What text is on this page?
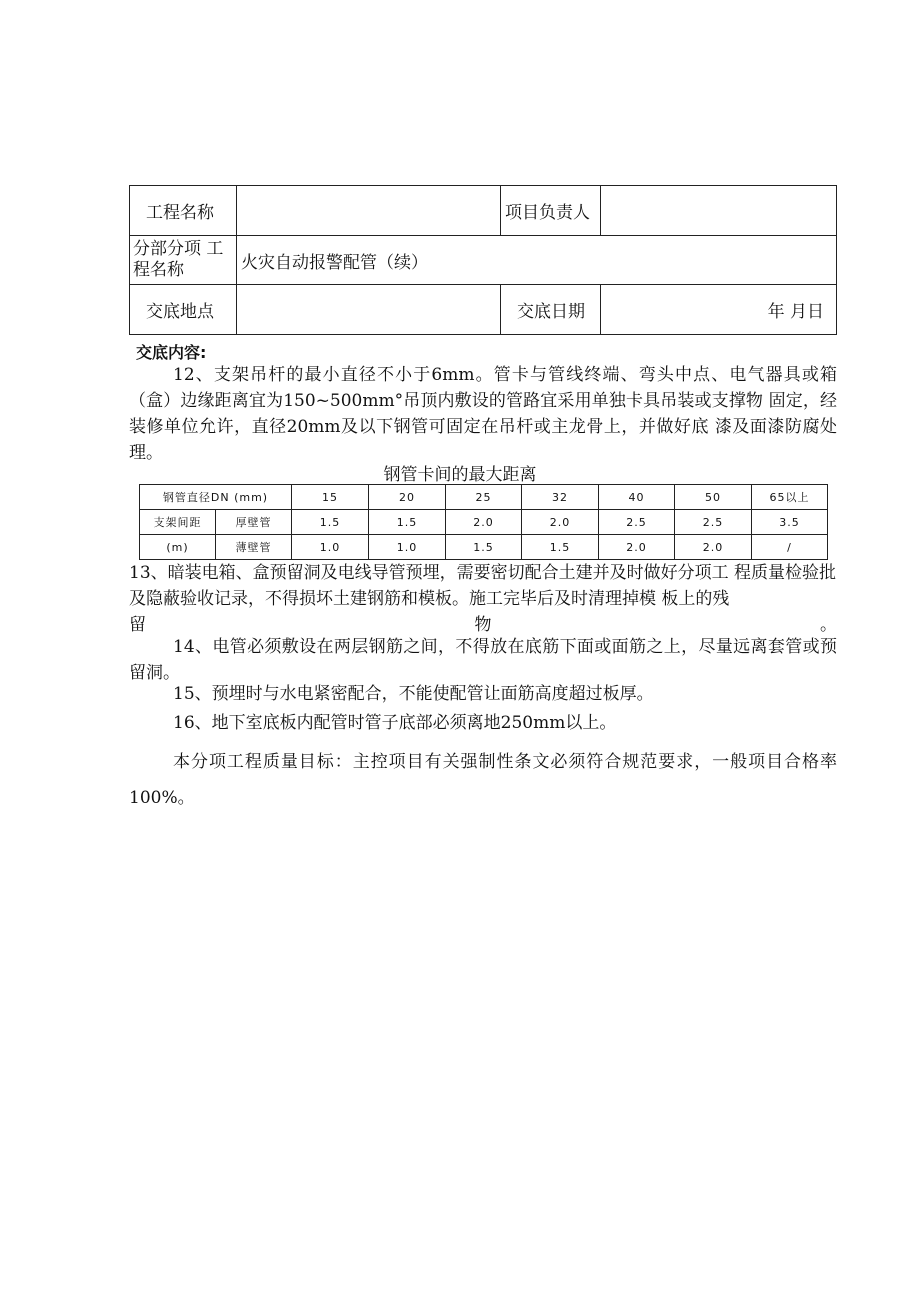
工程名称		项目负责人	
分部分项 工程名称	火灾自动报警配管（续）		
交底地点		交底日期	年 月日
交底内容:
12、支架吊杆的最小直径不小于6mm。管卡与管线终端、弯头中点、电气器具或箱（盒）边缘距离宜为150~500mm°吊顶内敷设的管路宜采用单独卡具吊装或支撑物 固定，经装修单位允许，直径20mm及以下钢管可固定在吊杆或主龙骨上，并做好底 漆及面漆防腐处理。
钢管卡间的最大距离
钢管直径DN (mm)		15	20	25	32	40	50	65以上
支架间距	厚壁管	1.5	1.5	2.0	2.0	2.5	2.5	3.5
(m)	薄壁管	1.0	1.0	1.5	1.5	2.0	2.0	/
13、暗装电箱、盒预留洞及电线导管预埋，需要密切配合土建并及时做好分项工 程质量检验批及隐蔽验收记录，不得损坏土建钢筋和模板。施工完毕后及时清理掉模 板上的残
留	物	。
14、电管必须敷设在两层钢筋之间，不得放在底筋下面或面筋之上，尽量远离套管或预留洞。
15、预埋时与水电紧密配合，不能使配管让面筋高度超过板厚。
16、地下室底板内配管时管子底部必须离地250mm以上。
本分项工程质量目标：主控项目有关强制性条文必须符合规范要求，一般项目合格率100%。
